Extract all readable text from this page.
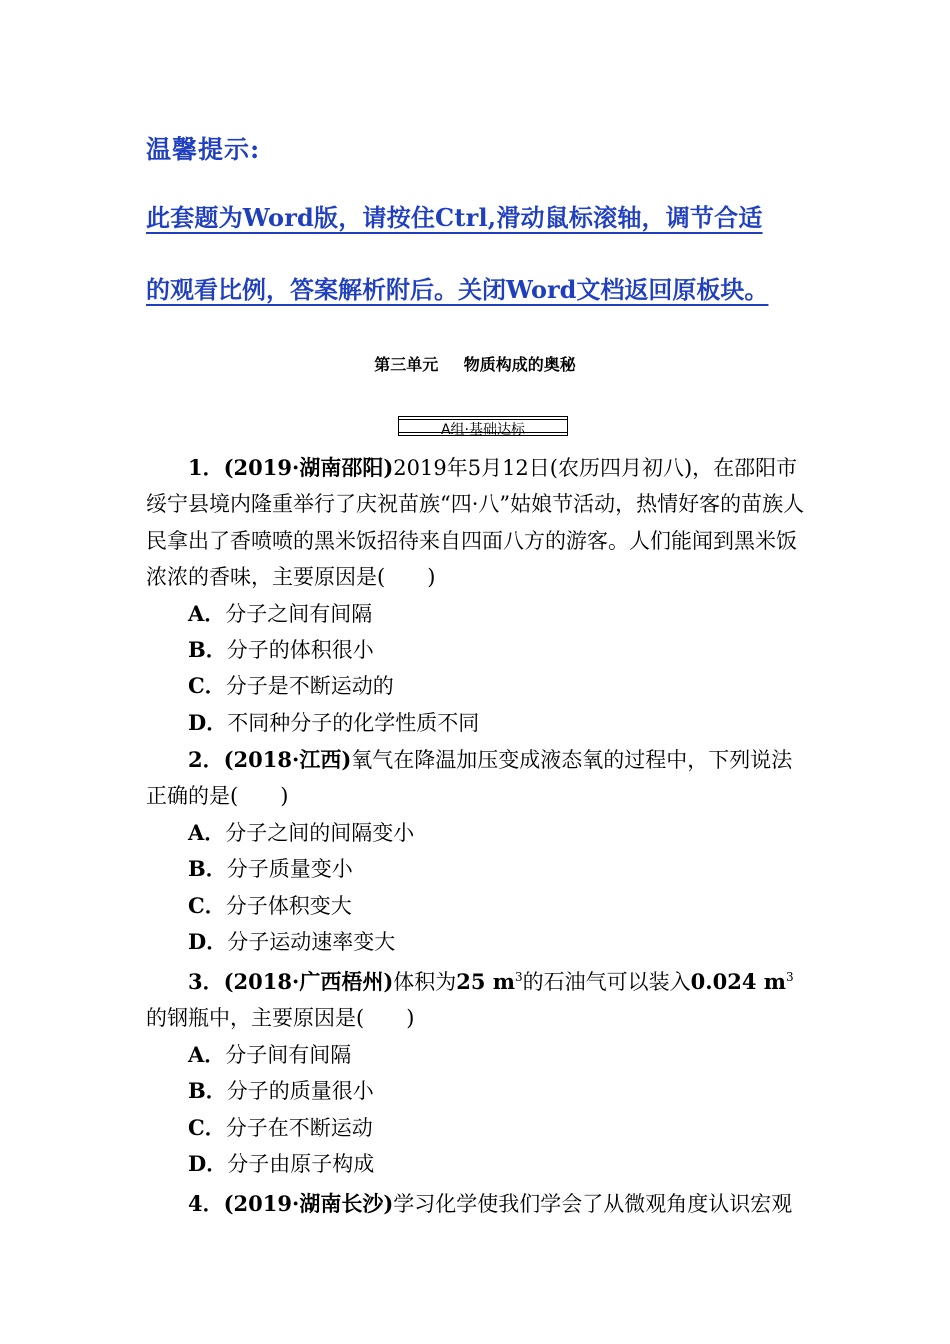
温馨提示:
此套题为Word版，请按住Ctrl,滑动鼠标滚轴，调节合适
的观看比例，答案解析附后。关闭Word文档返回原板块。
第三单元 物质构成的奥秘
A组·基础达标

1．(2019·湖南邵阳)2019年5月12日(农历四月初八)，在邵阳市绥宁县境内隆重举行了庆祝苗族“四·八”姑娘节活动，热情好客的苗族人民拿出了香喷喷的黑米饭招待来自四面八方的游客。人们能闻到黑米饭浓浓的香味，主要原因是(　　)

A．分子之间有间隔

B．分子的体积很小

C．分子是不断运动的

D．不同种分子的化学性质不同

2．(2018·江西)氧气在降温加压变成液态氧的过程中，下列说法正确的是(　　)

A．分子之间的间隔变小

B．分子质量变小

C．分子体积变大

D．分子运动速率变大

3．(2018·广西梧州)体积为25 $m^3$的石油气可以装入0.024 $m^3$的钢瓶中，主要原因是(　　)

A．分子间有间隔

B．分子的质量很小

C．分子在不断运动

D．分子由原子构成

4．(2019·湖南长沙)学习化学使我们学会了从微观角度认识宏观
